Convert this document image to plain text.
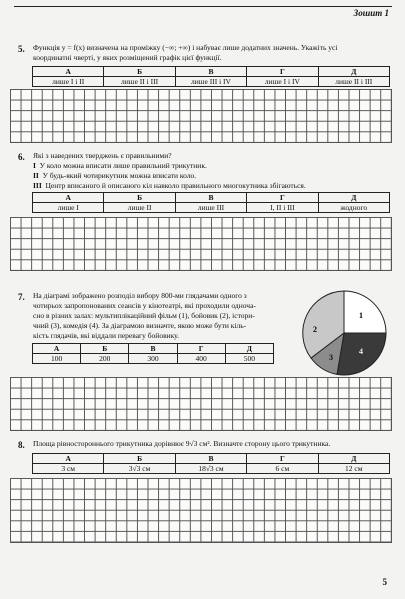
Зошит 1
5. Функція y = f(x) визначена на проміжку (−∞; +∞) і набуває лише додатних значень. Укажіть усі

координатні чверті, у яких розміщений графік цієї функції.

А	Б	В	Г	Д
лише I і II	лише II і III	лише III і IV	лише I і IV	лише II і III
6. Які з наведених тверджень є правильними?

І У коло можна вписати лише правильний трикутник.

ІІ У будь-який чотирикутник можна вписати коло.

ІІІ Центр вписаного й описаного кіл навколо правильного многокутника збігаються.

А	Б	В	Г	Д
лише І	лише ІІ	лише ІІІ	І, ІІ і ІІІ	жодного
7. На діаграмі зображено розподіл вибору 800-ми глядачами одного з

чотирьох запропонованих сеансів у кінотеатрі, які проходили одноча-

сно в різних залах: мультиплікаційний фільм (1), бойовик (2), істори-

чний (3), комедія (4). За діаграмою визначте, якою може бути кіль-

кість глядачів, які віддали перевагу бойовику.

А	Б	В	Г	Д
100	200	300	400	500
1
2
3
4
8. Площа рівностороннього трикутника дорівнює 9√3 см². Визначте сторону цього трикутника.

А	Б	В	Г	Д
3 см	3√3 см	18√3 см	6 см	12 см
5
